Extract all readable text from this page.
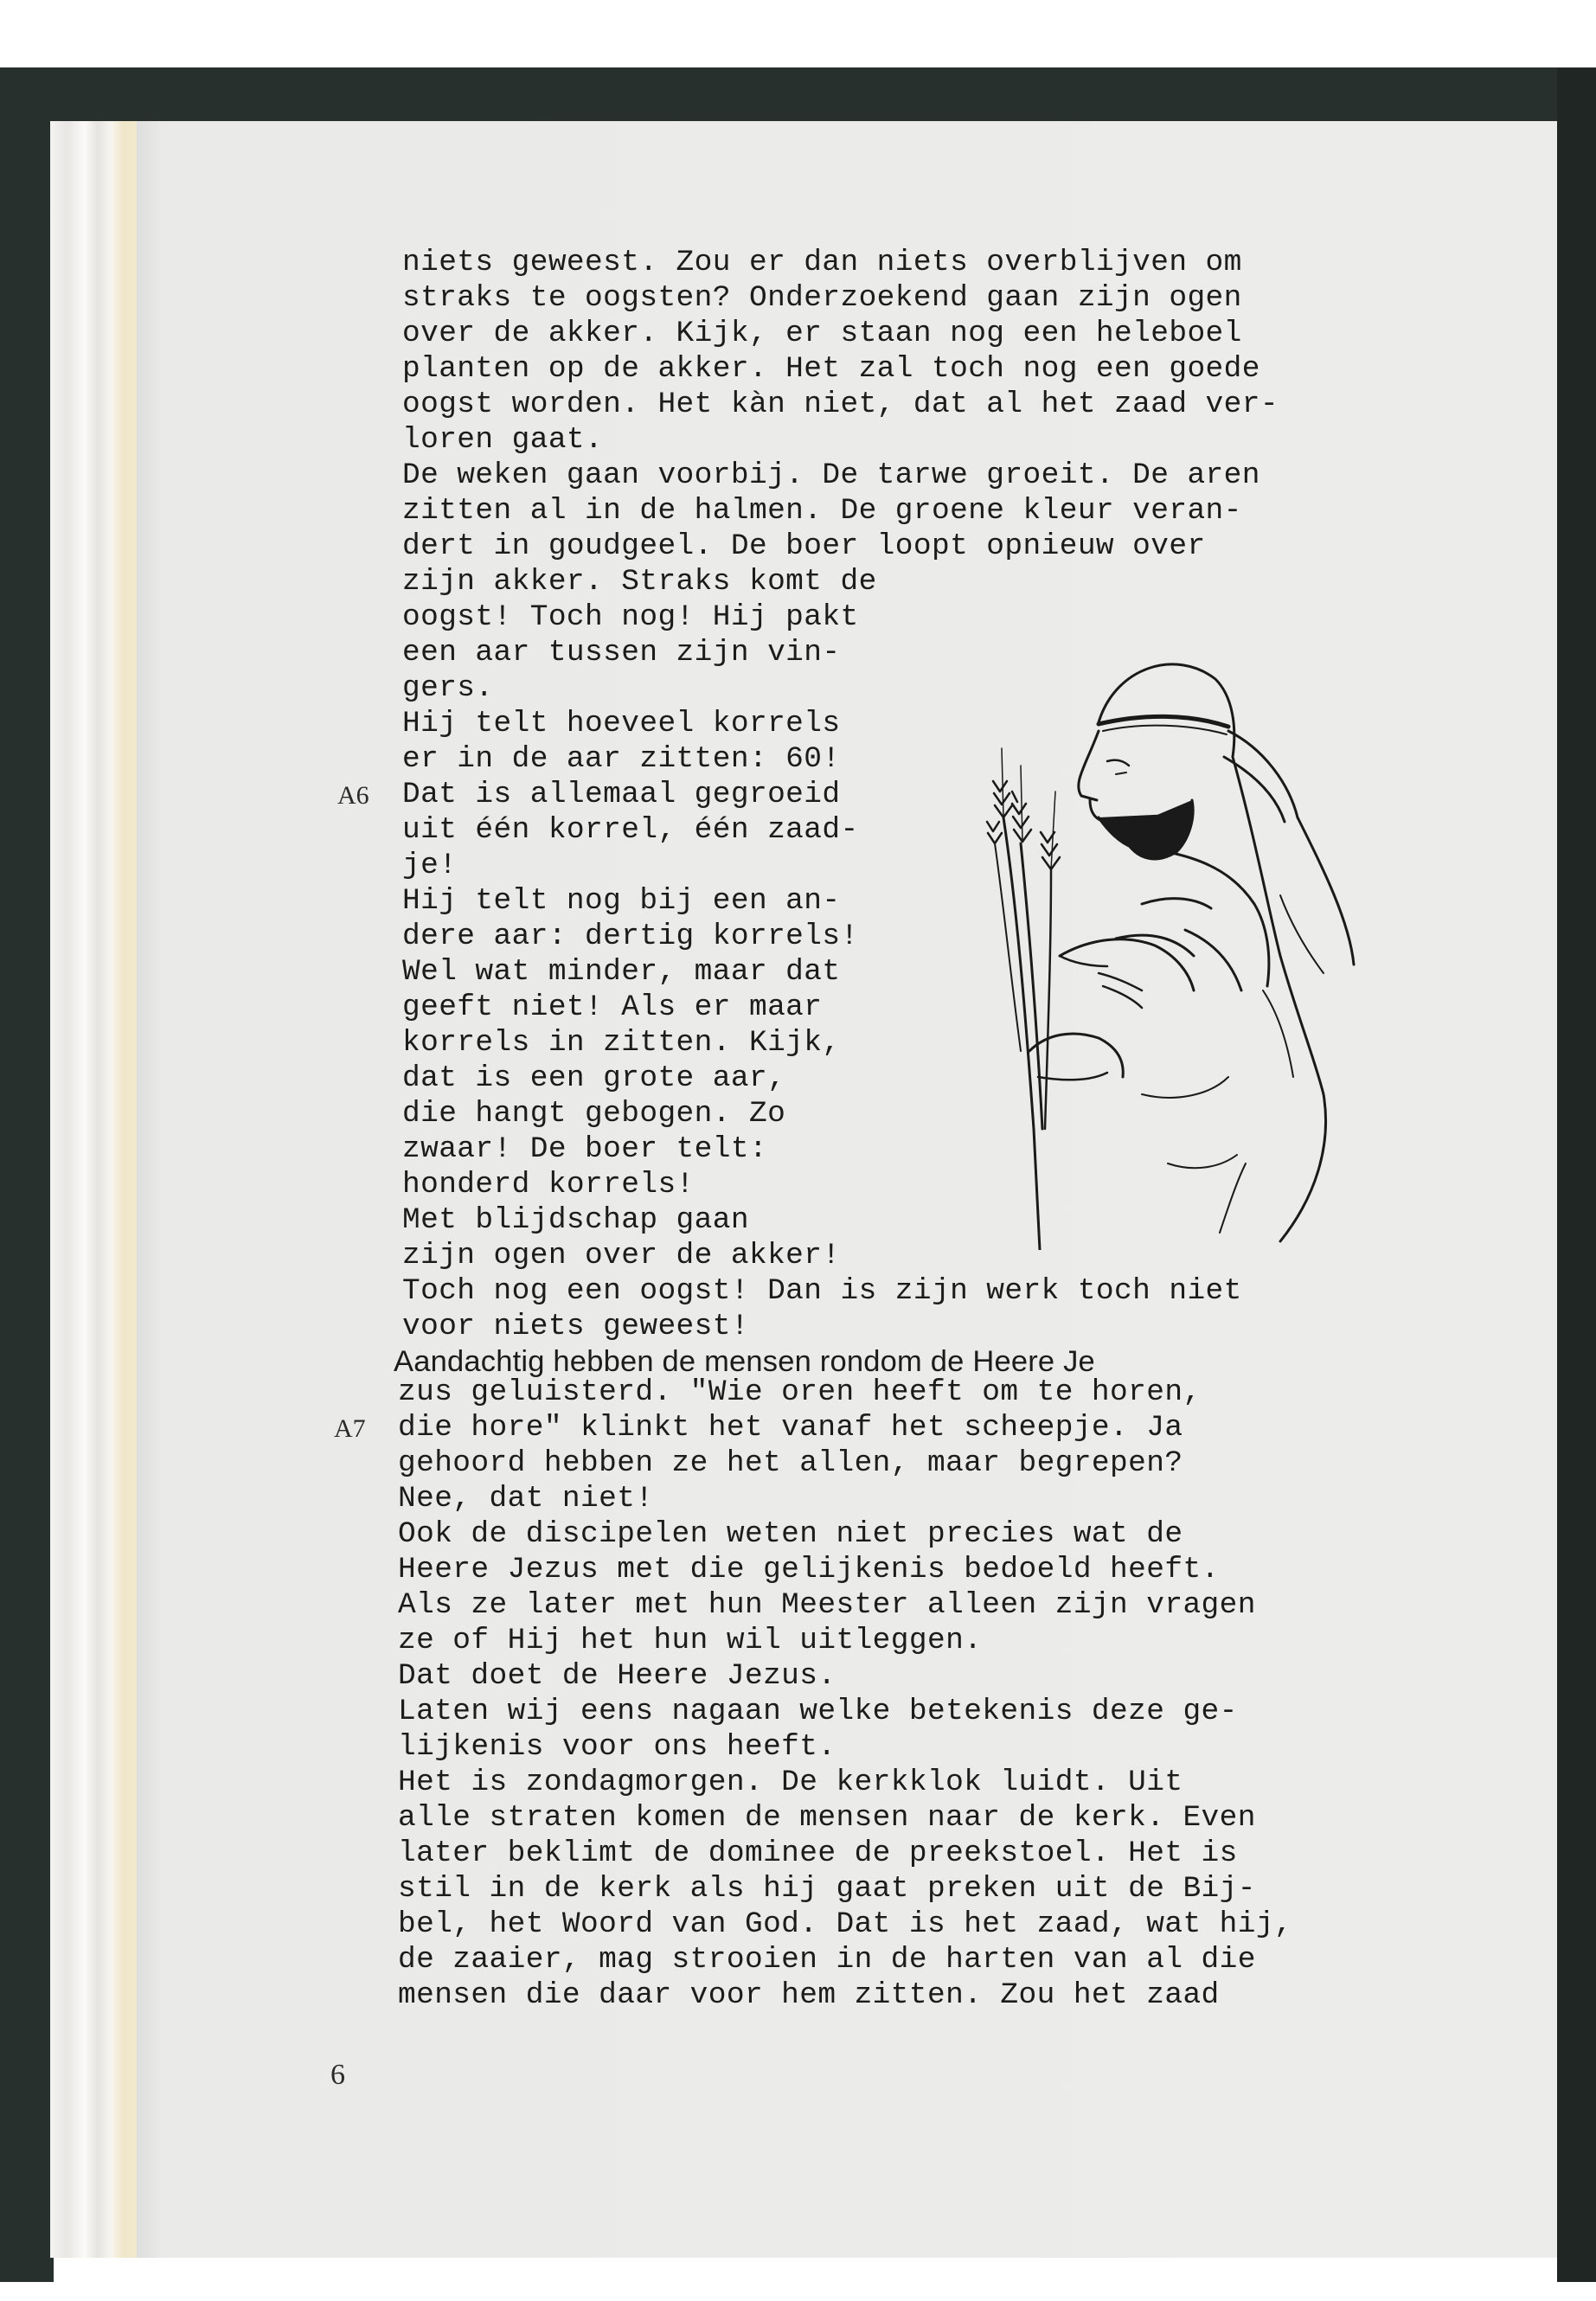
niets geweest. Zou er dan niets overblijven om
straks te oogsten? Onderzoekend gaan zijn ogen
over de akker. Kijk, er staan nog een heleboel
planten op de akker. Het zal toch nog een goede
oogst worden. Het kàn niet, dat al het zaad ver-
loren gaat.
De weken gaan voorbij. De tarwe groeit. De aren
zitten al in de halmen. De groene kleur veran-
dert in goudgeel. De boer loopt opnieuw over
zijn akker. Straks komt de
oogst! Toch nog! Hij pakt
een aar tussen zijn vin-
gers.
Hij telt hoeveel korrels
er in de aar zitten: 60!
Dat is allemaal gegroeid
uit één korrel, één zaad-
je!
Hij telt nog bij een an-
dere aar: dertig korrels!
Wel wat minder, maar dat
geeft niet! Als er maar
korrels in zitten. Kijk,
dat is een grote aar,
die hangt gebogen. Zo
zwaar! De boer telt:
honderd korrels!
Met blijdschap gaan
zijn ogen over de akker!
Toch nog een oogst! Dan is zijn werk toch niet
voor niets geweest!
Aandachtig hebben de mensen rondom de Heere Je
zus geluisterd. "Wie oren heeft om te horen,
die hore" klinkt het vanaf het scheepje. Ja
gehoord hebben ze het allen, maar begrepen?
Nee, dat niet!
Ook de discipelen weten niet precies wat de
Heere Jezus met die gelijkenis bedoeld heeft.
Als ze later met hun Meester alleen zijn vragen
ze of Hij het hun wil uitleggen.
Dat doet de Heere Jezus.
Laten wij eens nagaan welke betekenis deze ge-
lijkenis voor ons heeft.
Het is zondagmorgen. De kerkklok luidt. Uit
alle straten komen de mensen naar de kerk. Even
later beklimt de dominee de preekstoel. Het is
stil in de kerk als hij gaat preken uit de Bij-
bel, het Woord van God. Dat is het zaad, wat hij,
de zaaier, mag strooien in de harten van al die
mensen die daar voor hem zitten. Zou het zaad
A6
A7
6
